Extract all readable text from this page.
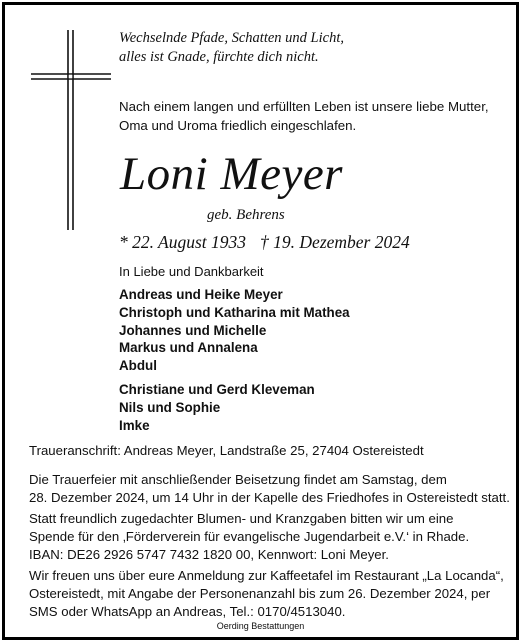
Wechselnde Pfade, Schatten und Licht,
alles ist Gnade, fürchte dich nicht.
Nach einem langen und erfüllten Leben ist unsere liebe Mutter,
Oma und Uroma friedlich eingeschlafen.
Loni Meyer
geb. Behrens
* 22. August 1933 † 19. Dezember 2024
In Liebe und Dankbarkeit
Andreas und Heike Meyer
Christoph und Katharina mit Mathea
Johannes und Michelle
Markus und Annalena
Abdul
Christiane und Gerd Kleveman
Nils und Sophie
Imke
Traueranschrift: Andreas Meyer, Landstraße 25, 27404 Ostereistedt
Die Trauerfeier mit anschließender Beisetzung findet am Samstag, dem
28. Dezember 2024, um 14 Uhr in der Kapelle des Friedhofes in Ostereistedt statt.
Statt freundlich zugedachter Blumen- und Kranzgaben bitten wir um eine
Spende für den ‚Förderverein für evangelische Jugendarbeit e.V.‘ in Rhade.
IBAN: DE26 2926 5747 7432 1820 00, Kennwort: Loni Meyer.
Wir freuen uns über eure Anmeldung zur Kaffeetafel im Restaurant „La Locanda“,
Ostereistedt, mit Angabe der Personenanzahl bis zum 26. Dezember 2024, per
SMS oder WhatsApp an Andreas, Tel.: 0170/4513040.
Oerding Bestattungen
